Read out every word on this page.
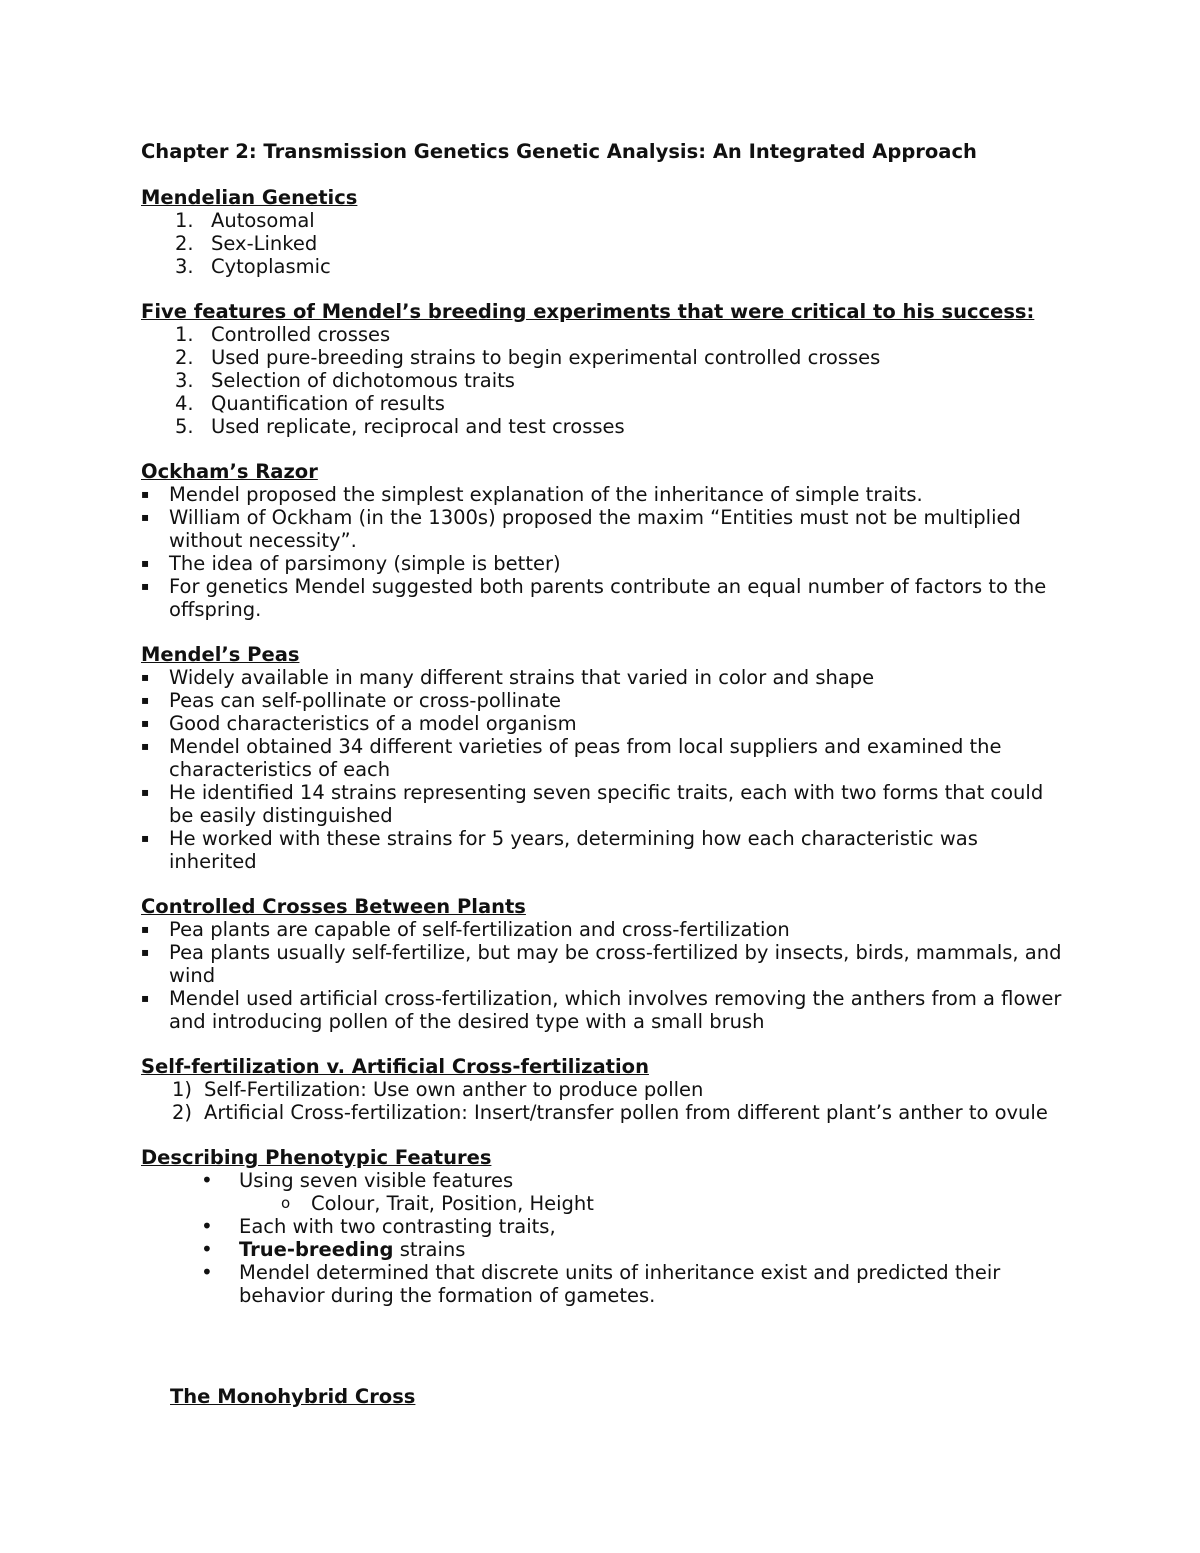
Chapter 2: Transmission Genetics Genetic Analysis: An Integrated Approach
Mendelian Genetics
1. Autosomal
2. Sex-Linked
3. Cytoplasmic
Five features of Mendel’s breeding experiments that were critical to his success:
1. Controlled crosses
2. Used pure-breeding strains to begin experimental controlled crosses
3. Selection of dichotomous traits
4. Quantification of results
5. Used replicate, reciprocal and test crosses
Ockham’s Razor
▪ Mendel proposed the simplest explanation of the inheritance of simple traits.
▪ William of Ockham (in the 1300s) proposed the maxim “Entities must not be multiplied without necessity”.
▪ The idea of parsimony (simple is better)
▪ For genetics Mendel suggested both parents contribute an equal number of factors to the offspring.
Mendel’s Peas
▪ Widely available in many different strains that varied in color and shape
▪ Peas can self-pollinate or cross-pollinate
▪ Good characteristics of a model organism
▪ Mendel obtained 34 different varieties of peas from local suppliers and examined the characteristics of each
▪ He identified 14 strains representing seven specific traits, each with two forms that could be easily distinguished
▪ He worked with these strains for 5 years, determining how each characteristic was inherited
Controlled Crosses Between Plants
▪ Pea plants are capable of self-fertilization and cross-fertilization
▪ Pea plants usually self-fertilize, but may be cross-fertilized by insects, birds, mammals, and wind
▪ Mendel used artificial cross-fertilization, which involves removing the anthers from a flower and introducing pollen of the desired type with a small brush
Self-fertilization v. Artificial Cross-fertilization
1) Self-Fertilization: Use own anther to produce pollen
2) Artificial Cross-fertilization: Insert/transfer pollen from different plant’s anther to ovule
Describing Phenotypic Features
• Using seven visible features
o Colour, Trait, Position, Height
• Each with two contrasting traits,
• True-breeding strains
• Mendel determined that discrete units of inheritance exist and predicted their behavior during the formation of gametes.
The Monohybrid Cross
